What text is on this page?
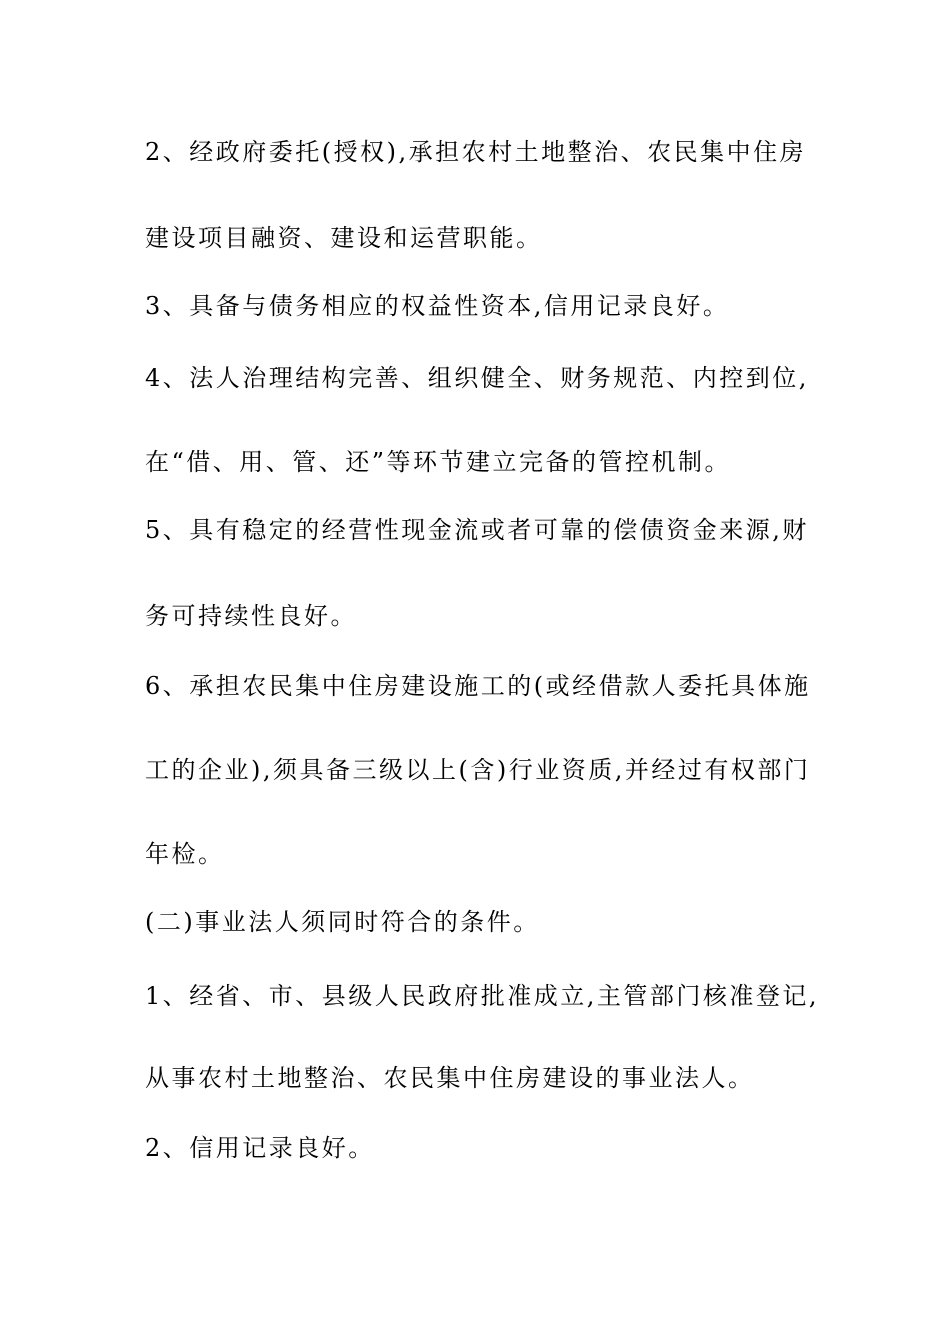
2、经政府委托(授权),承担农村土地整治、农民集中住房
建设项目融资、建设和运营职能。
3、具备与债务相应的权益性资本,信用记录良好。
4、法人治理结构完善、组织健全、财务规范、内控到位,
在“借、用、管、还”等环节建立完备的管控机制。
5、具有稳定的经营性现金流或者可靠的偿债资金来源,财
务可持续性良好。
6、承担农民集中住房建设施工的(或经借款人委托具体施
工的企业),须具备三级以上(含)行业资质,并经过有权部门
年检。
(二)事业法人须同时符合的条件。
1、经省、市、县级人民政府批准成立,主管部门核准登记,
从事农村土地整治、农民集中住房建设的事业法人。
2、信用记录良好。
